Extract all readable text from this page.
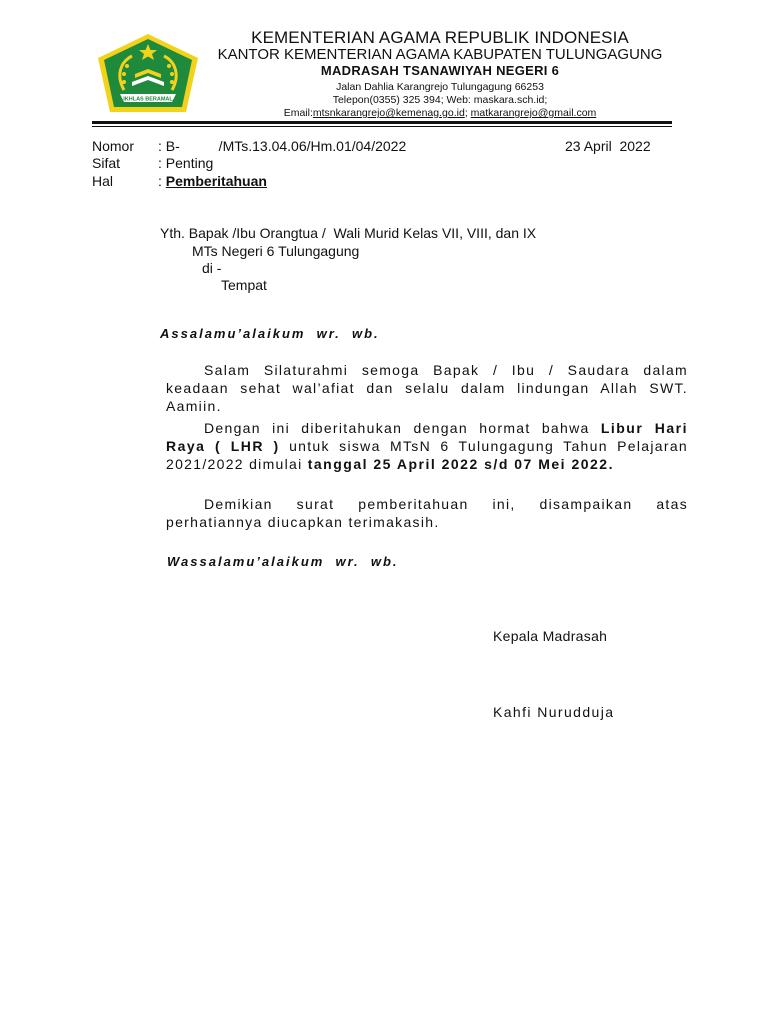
IKHLAS BERAMAL
KEMENTERIAN AGAMA REPUBLIK INDONESIA
KANTOR KEMENTERIAN AGAMA KABUPATEN TULUNGAGUNG
MADRASAH TSANAWIYAH NEGERI 6
Jalan Dahlia Karangrejo Tulungagung 66253
Telepon(0355) 325 394; Web: maskara.sch.id;
Email:mtsnkarangrejo@kemenag.go.id; matkarangrejo@gmail.com
Nomor : B-          /MTs.13.04.06/Hm.01/04/2022	23 April  2022
Sifat	: Penting
Hal	: Pemberitahuan
Yth. Bapak /Ibu Orangtua /  Wali Murid Kelas VII, VIII, dan IX
MTs Negeri 6 Tulungagung
di -
Tempat
Assalamu’alaikum  wr.  wb.
Salam Silaturahmi semoga Bapak / Ibu / Saudara dalam keadaan sehat wal’afiat dan selalu dalam lindungan Allah SWT. Aamiin.
Dengan ini diberitahukan dengan hormat bahwa Libur Hari Raya ( LHR ) untuk siswa MTsN 6 Tulungagung Tahun Pelajaran 2021/2022 dimulai tanggal 25 April 2022 s/d 07 Mei 2022.
Demikian surat pemberitahuan ini, disampaikan atas perhatiannya diucapkan terimakasih.
Wassalamu’alaikum  wr.  wb.
Kepala Madrasah
Kahfi Nurudduja
